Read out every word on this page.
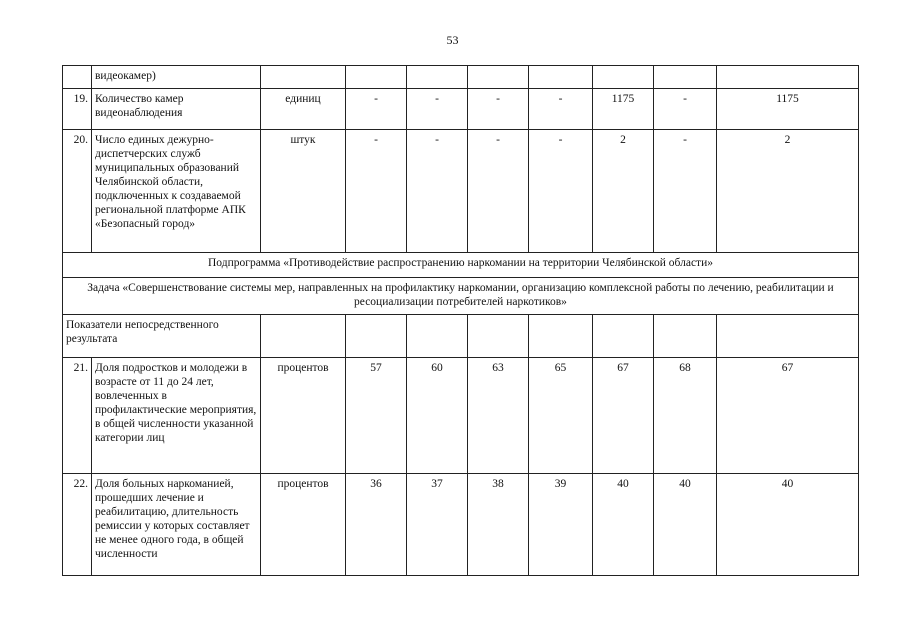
53
	видеокамер)								
19.	Количество камер видеонаблюдения	единиц	-	-	-	-	1175	-	1175
20.	Число единых дежурно-диспетчерских служб муниципальных образований Челябинской области, подключенных к создаваемой региональной платформе АПК «Безопасный город»	штук	-	-	-	-	2	-	2
Подпрограмма «Противодействие распространению наркомании на территории Челябинской области»									
Задача «Совершенствование системы мер, направленных на профилактику наркомании, организацию комплексной работы по лечению, реабилитации и ресоциализации потребителей наркотиков»									
Показатели непосредственного результата									
21.	Доля подростков и молодежи в возрасте от 11 до 24 лет, вовлеченных в профилактические мероприятия, в общей численности указанной категории лиц	процентов	57	60	63	65	67	68	67
22.	Доля больных наркоманией, прошедших лечение и реабилитацию, длительность ремиссии у которых составляет не менее одного года, в общей численности	процентов	36	37	38	39	40	40	40
